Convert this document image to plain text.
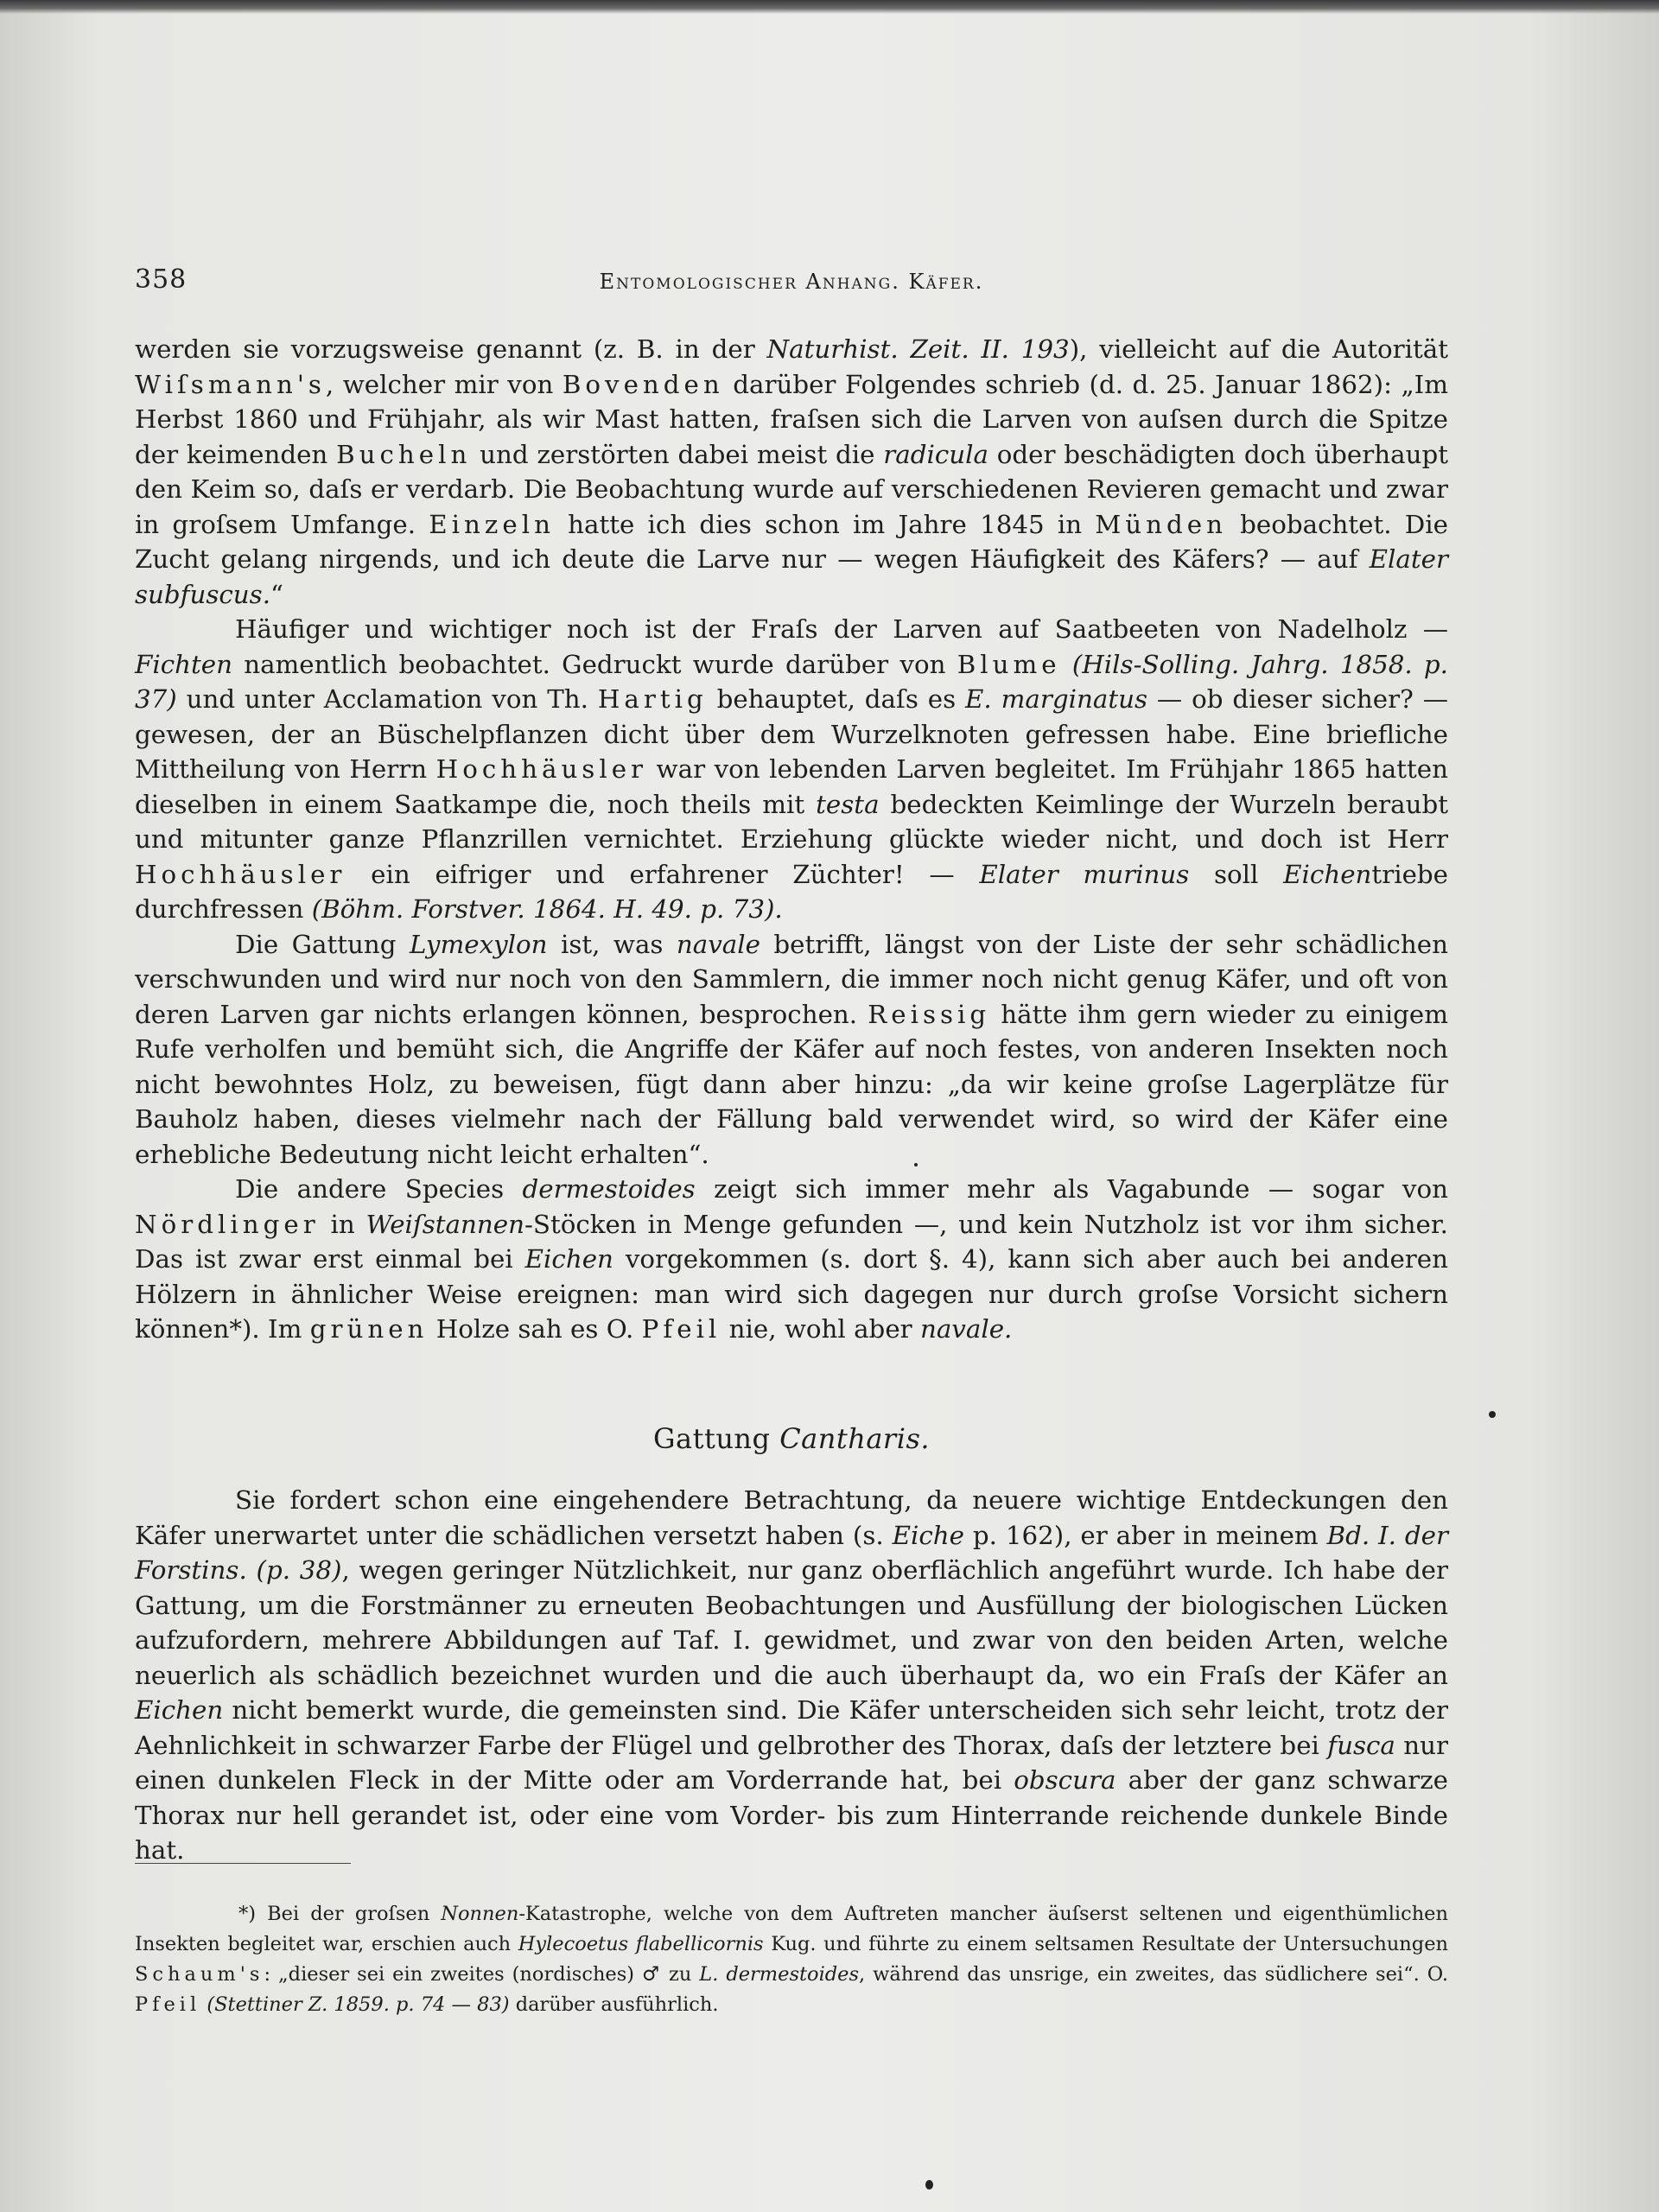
358	Entomologischer Anhang. Käfer.

werden sie vorzugsweise genannt (z. B. in der Naturhist. Zeit. II. 193), vielleicht auf die Autorität Wiſsmann's, welcher mir von Bovenden darüber Folgendes schrieb (d. d. 25. Januar 1862): „Im Herbst 1860 und Frühjahr, als wir Mast hatten, fraſsen sich die Larven von auſsen durch die Spitze der keimenden Bucheln und zerstörten dabei meist die radicula oder beschädigten doch überhaupt den Keim so, daſs er verdarb. Die Beobachtung wurde auf verschiedenen Revieren gemacht und zwar in groſsem Umfange. Einzeln hatte ich dies schon im Jahre 1845 in Münden beobachtet. Die Zucht gelang nirgends, und ich deute die Larve nur — wegen Häufigkeit des Käfers? — auf Elater subfuscus.“

Häufiger und wichtiger noch ist der Fraſs der Larven auf Saatbeeten von Nadelholz — Fichten namentlich beobachtet. Gedruckt wurde darüber von Blume (Hils-Solling. Jahrg. 1858. p. 37) und unter Acclamation von Th. Hartig behauptet, daſs es E. marginatus — ob dieser sicher? — gewesen, der an Büschelpflanzen dicht über dem Wurzelknoten gefressen habe. Eine briefliche Mittheilung von Herrn Hochhäusler war von lebenden Larven begleitet. Im Frühjahr 1865 hatten dieselben in einem Saatkampe die, noch theils mit testa bedeckten Keimlinge der Wurzeln beraubt und mitunter ganze Pflanzrillen vernichtet. Erziehung glückte wieder nicht, und doch ist Herr Hochhäusler ein eifriger und erfahrener Züchter! — Elater murinus soll Eichentriebe durchfressen (Böhm. Forstver. 1864. H. 49. p. 73).

Die Gattung Lymexylon ist, was navale betrifft, längst von der Liste der sehr schädlichen verschwunden und wird nur noch von den Sammlern, die immer noch nicht genug Käfer, und oft von deren Larven gar nichts erlangen können, besprochen. Reissig hätte ihm gern wieder zu einigem Rufe verholfen und bemüht sich, die Angriffe der Käfer auf noch festes, von anderen Insekten noch nicht bewohntes Holz, zu beweisen, fügt dann aber hinzu: „da wir keine groſse Lagerplätze für Bauholz haben, dieses vielmehr nach der Fällung bald verwendet wird, so wird der Käfer eine erhebliche Bedeutung nicht leicht erhalten“.

Die andere Species dermestoides zeigt sich immer mehr als Vagabunde — sogar von Nördlinger in Weiſstannen-Stöcken in Menge gefunden —, und kein Nutzholz ist vor ihm sicher. Das ist zwar erst einmal bei Eichen vorgekommen (s. dort §. 4), kann sich aber auch bei anderen Hölzern in ähnlicher Weise ereignen: man wird sich dagegen nur durch groſse Vorsicht sichern können*). Im grünen Holze sah es O. Pfeil nie, wohl aber navale.

Gattung Cantharis.

Sie fordert schon eine eingehendere Betrachtung, da neuere wichtige Entdeckungen den Käfer unerwartet unter die schädlichen versetzt haben (s. Eiche p. 162), er aber in meinem Bd. I. der Forstins. (p. 38), wegen geringer Nützlichkeit, nur ganz oberflächlich angeführt wurde. Ich habe der Gattung, um die Forstmänner zu erneuten Beobachtungen und Ausfüllung der biologischen Lücken aufzufordern, mehrere Abbildungen auf Taf. I. gewidmet, und zwar von den beiden Arten, welche neuerlich als schädlich bezeichnet wurden und die auch überhaupt da, wo ein Fraſs der Käfer an Eichen nicht bemerkt wurde, die gemeinsten sind. Die Käfer unterscheiden sich sehr leicht, trotz der Aehnlichkeit in schwarzer Farbe der Flügel und gelbrother des Thorax, daſs der letztere bei fusca nur einen dunkelen Fleck in der Mitte oder am Vorderrande hat, bei obscura aber der ganz schwarze Thorax nur hell gerandet ist, oder eine vom Vorder- bis zum Hinterrande reichende dunkele Binde hat.

*) Bei der groſsen Nonnen-Katastrophe, welche von dem Auftreten mancher äuſserst seltenen und eigenthümlichen Insekten begleitet war, erschien auch Hylecoetus flabellicornis Kug. und führte zu einem seltsamen Resultate der Untersuchungen Schaum's: „dieser sei ein zweites (nordisches) ♂ zu L. dermestoides, während das unsrige, ein zweites, das südlichere sei“. O. Pfeil (Stettiner Z. 1859. p. 74 — 83) darüber ausführlich.
